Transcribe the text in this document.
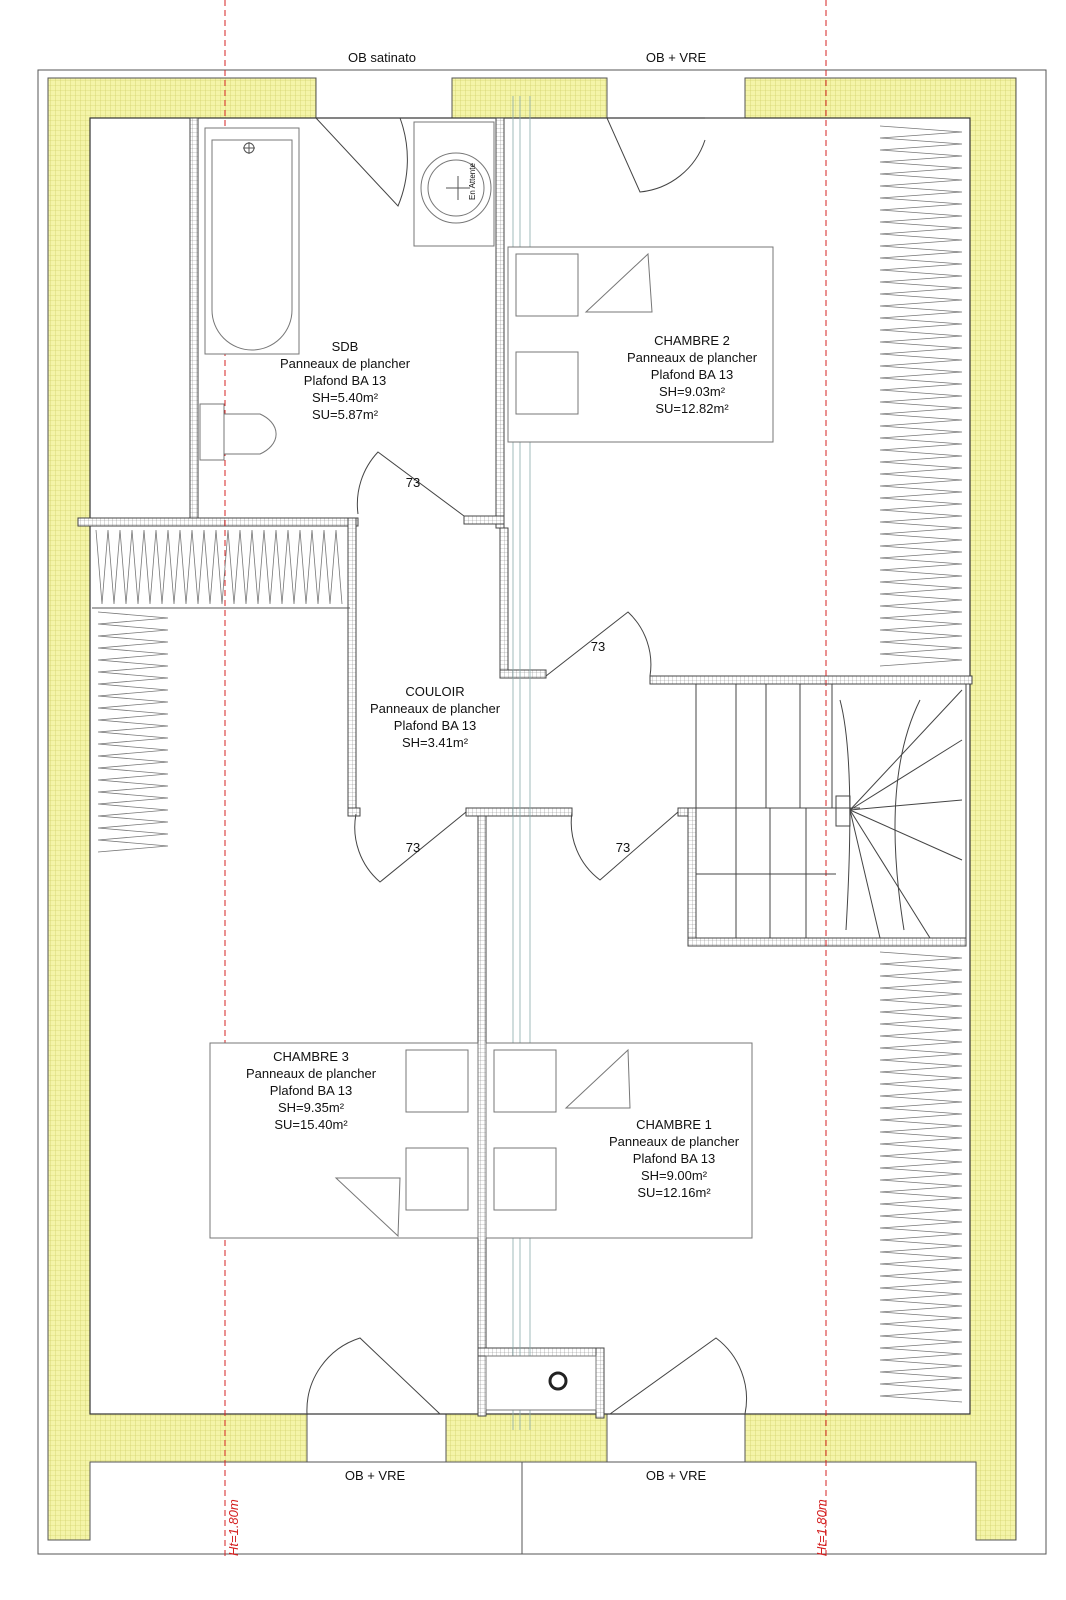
En Attente
OB satinato	OB + VRE
OB + VRE	OB + VRE
Ht=1.80m	Ht=1.80m
73
73
73	73
SDB
Panneaux de plancher
Plafond BA 13
SH=5.40m²
SU=5.87m²
CHAMBRE 2
Panneaux de plancher
Plafond BA 13
SH=9.03m²
SU=12.82m²
COULOIR
Panneaux de plancher
Plafond BA 13
SH=3.41m²
CHAMBRE 3
Panneaux de plancher
Plafond BA 13
SH=9.35m²
SU=15.40m²	CHAMBRE 1
Panneaux de plancher
Plafond BA 13
SH=9.00m²
SU=12.16m²
